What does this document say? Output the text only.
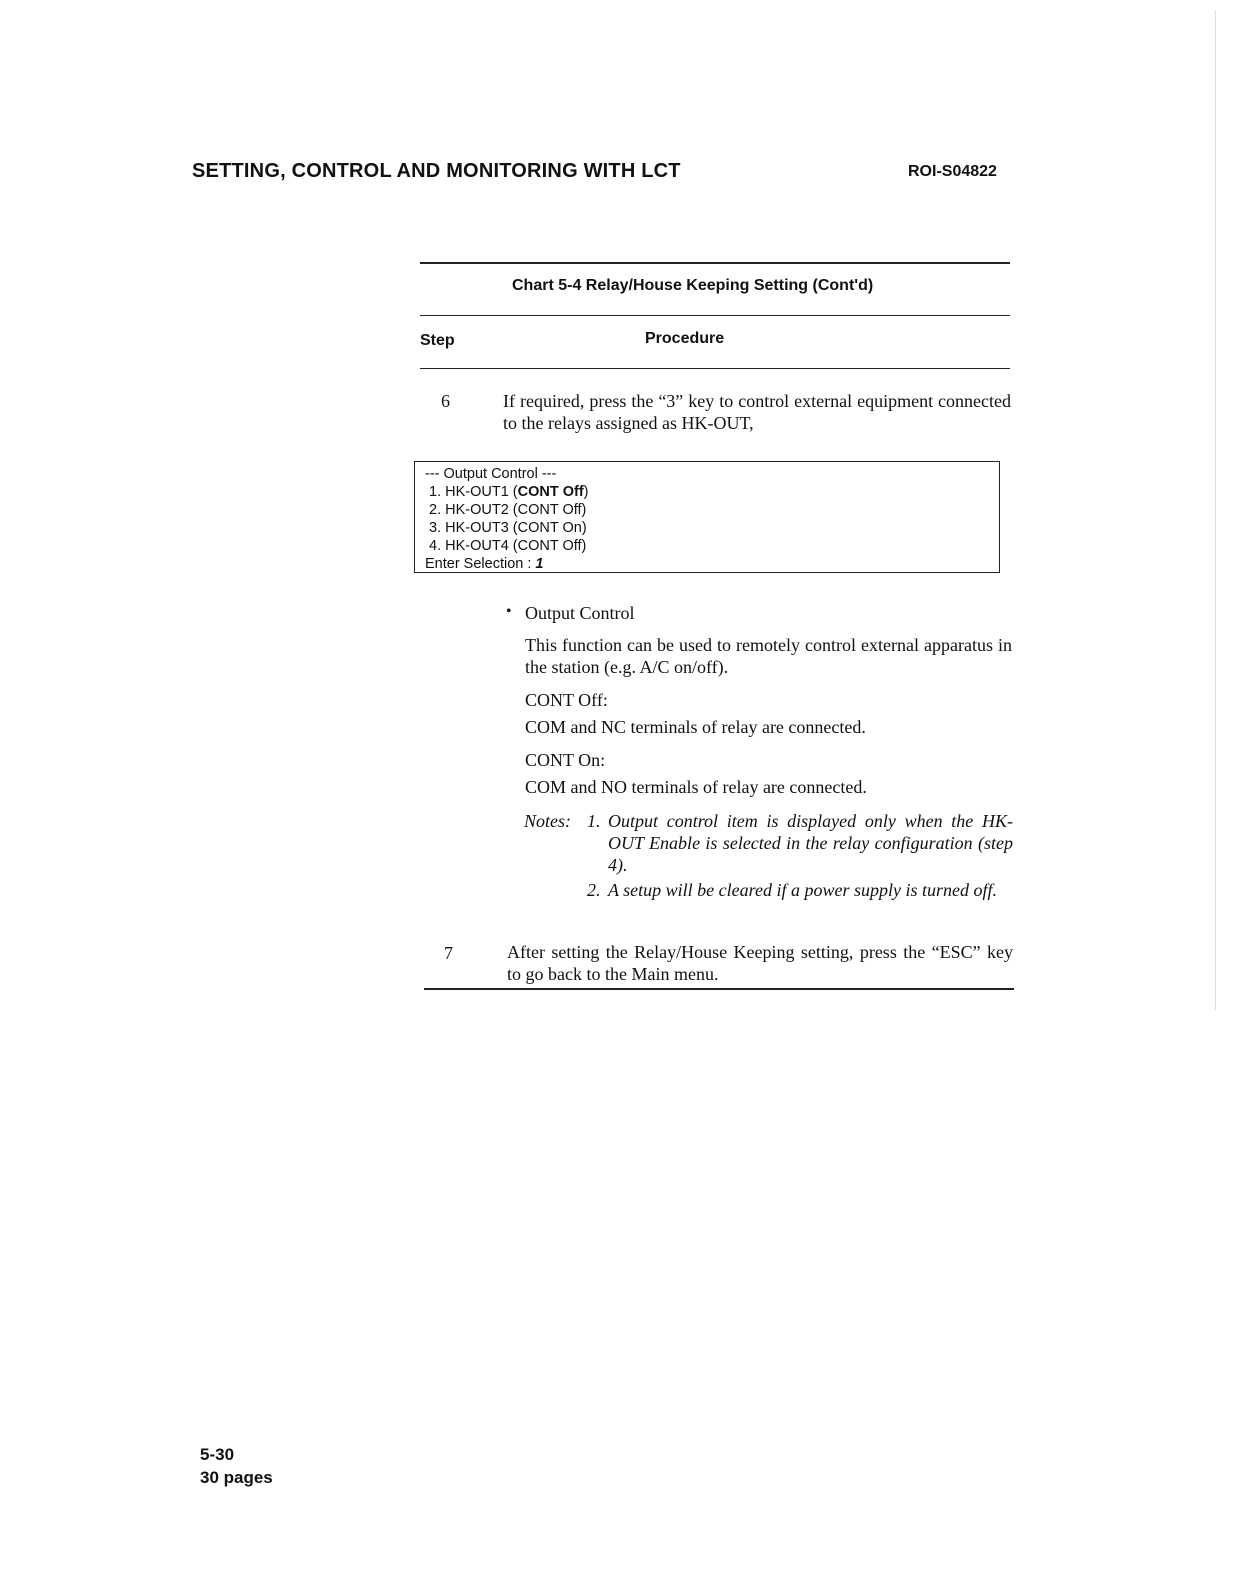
SETTING, CONTROL AND MONITORING WITH LCT	ROI-S04822
Chart 5-4 Relay/House Keeping Setting (Cont'd)
Step	Procedure
6	If required, press the “3” key to control external equipment connected to the relays assigned as HK-OUT,
--- Output Control ---
1. HK-OUT1 (CONT Off)
2. HK-OUT2 (CONT Off)
3. HK-OUT3 (CONT On)
4. HK-OUT4 (CONT Off)
Enter Selection : 1
• Output Control
This function can be used to remotely control external apparatus in the station (e.g. A/C on/off).
CONT Off:
COM and NC terminals of relay are connected.
CONT On:
COM and NO terminals of relay are connected.
Notes: 1. Output control item is displayed only when the HK-OUT Enable is selected in the relay configuration (step 4).
2. A setup will be cleared if a power supply is turned off.
7	After setting the Relay/House Keeping setting, press the “ESC” key to go back to the Main menu.
5-30
30 pages
